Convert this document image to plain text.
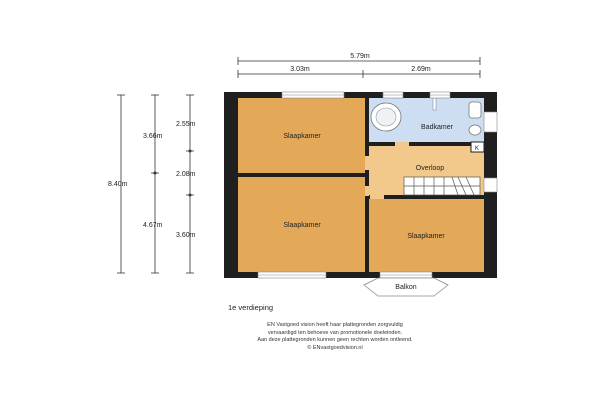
5.79m
3.03m	2.69m
8.40m
3.66m
4.67m
2.55m
2.08m
3.60m
Slaapkamer
Slaapkamer
Badkamer
K
Overloop
Slaapkamer
Balkon
1e verdieping
EN Vastgoed vision heeft haar plattegronden zorgvuldig
vervaardigd ten behoeve van promotionele doeleinden.
Aan deze plattegronden kunnen geen rechten worden ontleend.
© ENvastgoedvision.nl
